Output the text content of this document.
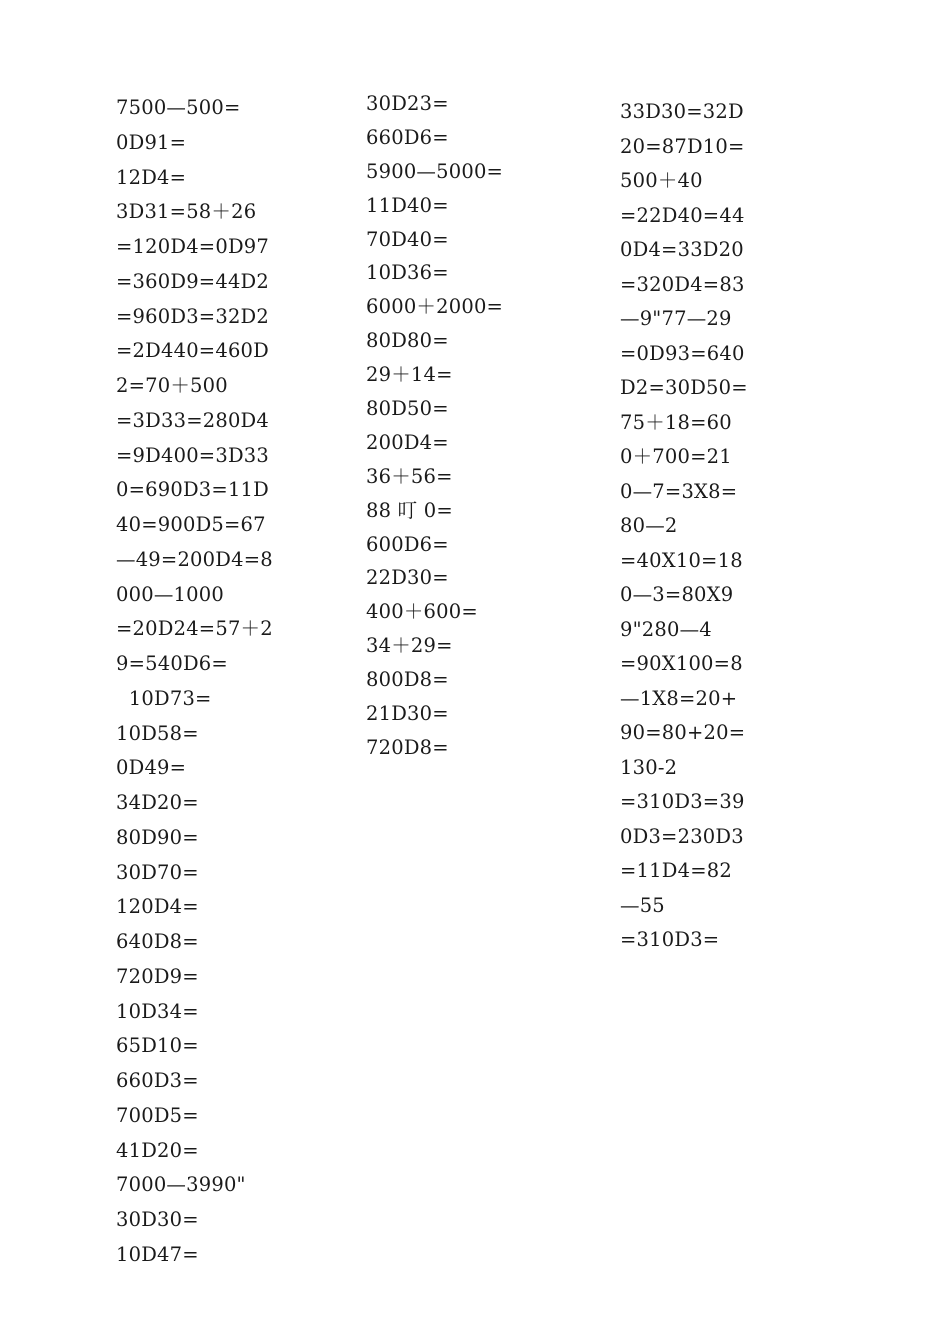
7500—500=
0D91=
12D4=
3D31=58＋26
=120D4=0D97
=360D9=44D2
=960D3=32D2
=2D440=460D
2=70＋500
=3D33=280D4
=9D400=3D33
0=690D3=11D
40=900D5=67
—49=200D4=8
000—1000
=20D24=57＋2
9=540D6=
10D73=
10D58=
0D49=
34D20=
80D90=
30D70=
120D4=
640D8=
720D9=
10D34=
65D10=
660D3=
700D5=
41D20=
7000—3990"
30D30=
10D47=
30D23=
660D6=
5900—5000=
11D40=
70D40=
10D36=
6000＋2000=
80D80=
29＋14=
80D50=
200D4=
36＋56=
88 叮 0=
600D6=
22D30=
400＋600=
34＋29=
800D8=
21D30=
720D8=
33D30=32D
20=87D10=
500＋40
=22D40=44
0D4=33D20
=320D4=83
—9"77—29
=0D93=640
D2=30D50=
75＋18=60
0＋700=21
0—7=3X8=
80—2
=40X10=18
0—3=80X9
9"280—4
=90X100=8
—1X8=20+
90=80+20=
130-2
=310D3=39
0D3=230D3
=11D4=82
—55
=310D3=
